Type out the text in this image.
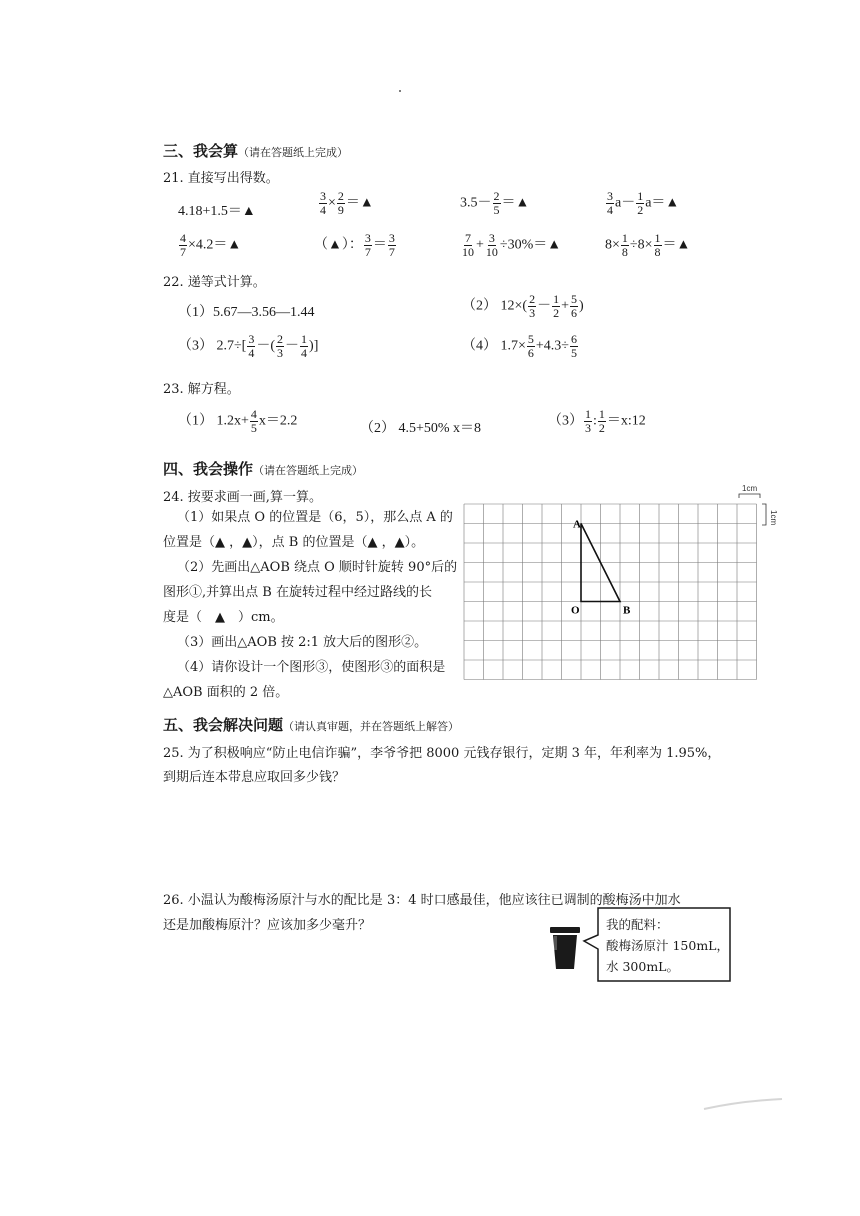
三、我会算（请在答题纸上完成）
21. 直接写出得数。
4.18+1.5＝▲	$\frac{3}{4} \times \frac{2}{9}$ ＝▲	$3.5- \frac{2}{5}$ ＝▲	$\frac{3}{4} a- \frac{1}{2}$ a＝▲
$\frac{4}{7}$ ×4.2＝▲	（▲）： $\frac{3}{7} = \frac{3}{7}$	$\frac{7}{10} + \frac{3}{10}$ ÷30%＝▲	$8\times \frac{1}{8} \div 8\times \frac{1}{8}$ ＝▲
22. 递等式计算。
（1）5.67—3.56—1.44	（2） $12\times( \frac{2}{3} - \frac{1}{2} + \frac{5}{6}$ )
（3） $2.7\div[ \frac{3}{4}$ －( $\frac{2}{3} - \frac{1}{4}$ )]	（4） $1.7\times \frac{5}{6} +4.3\div \frac{6}{5}$
23. 解方程。
（1） $1.2x+ \frac{4}{5} x=2.2$	（2） 4.5+50% x＝8	$(3) \frac{1}{3}$ : $\frac{1}{2}$ ＝x:12
四、我会操作（请在答题纸上完成）
24. 按要求画一画,算一算。
（1）如果点 O 的位置是（6，5），那么点 A 的
位置是（▲ ，▲），点 B 的位置是（▲ ，▲）。
（2）先画出△AOB 绕点 O 顺时针旋转 90°后的
图形①,并算出点 B 在旋转过程中经过路线的长
度是（　▲　）cm。
（3）画出△AOB 按 2:1 放大后的图形②。
（4）请你设计一个图形③，使图形③的面积是
△AOB 面积的 2 倍。
1cm
1cm
A
O	B
五、我会解决问题（请认真审题，并在答题纸上解答）
25. 为了积极响应“防止电信诈骗”，李爷爷把 8000 元钱存银行，定期 3 年，年利率为 1.95%，
到期后连本带息应取回多少钱？
26. 小温认为酸梅汤原汁与水的配比是 3：4 时口感最佳，他应该往已调制的酸梅汤中加水
还是加酸梅原汁？应该加多少毫升？	我的配料：
酸梅汤原汁 150mL，
水 300mL。
